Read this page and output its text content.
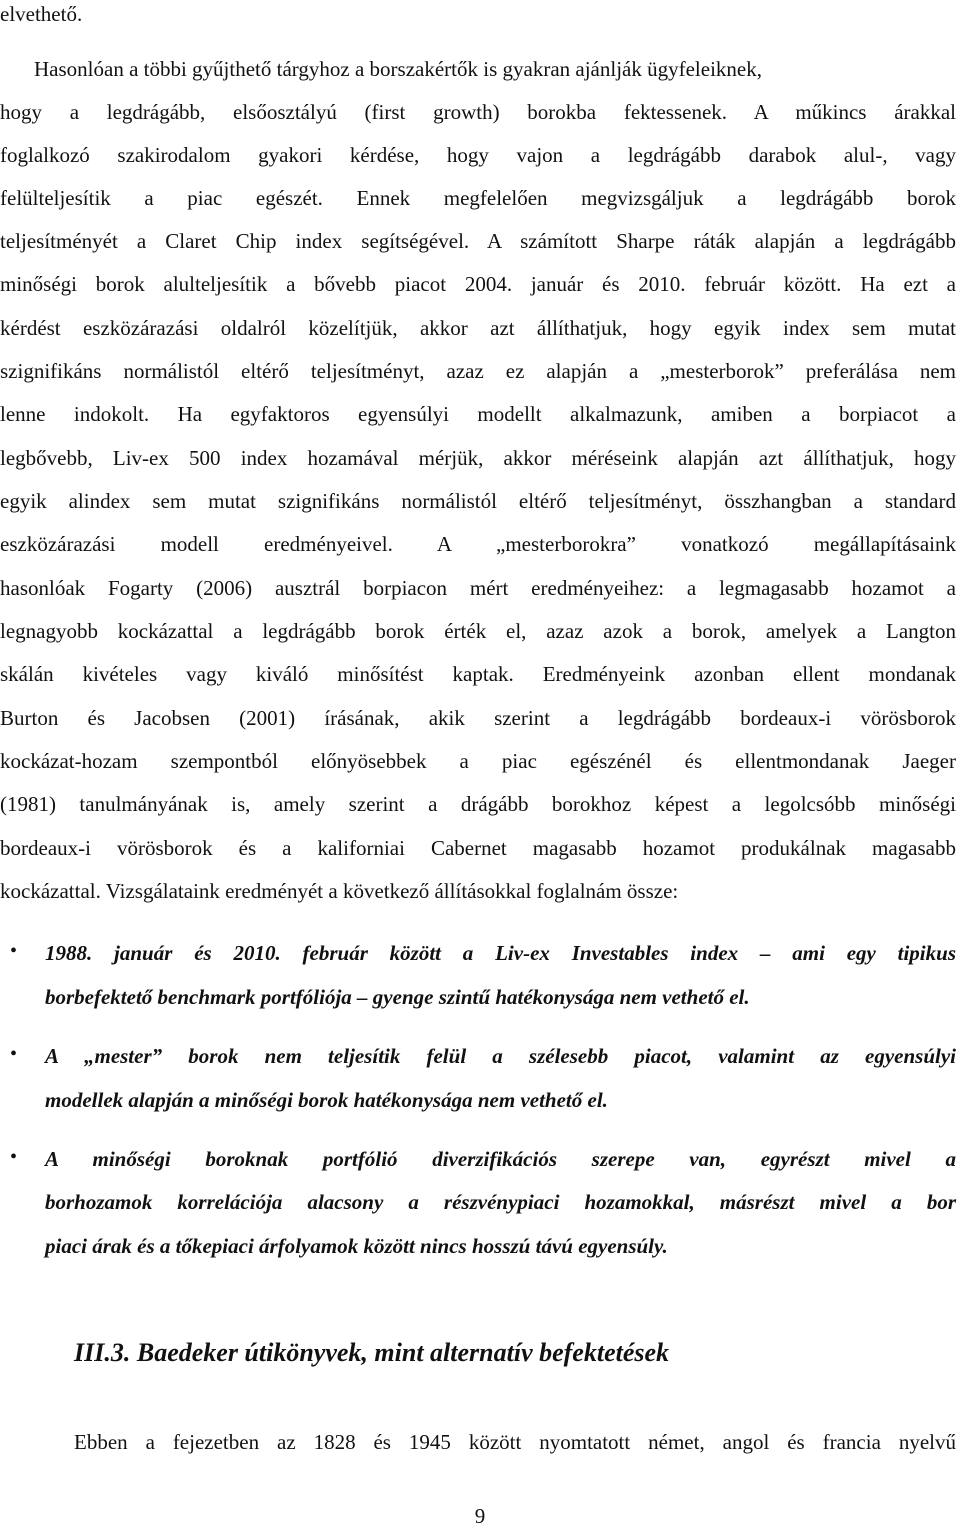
elvethető.
Hasonlóan a többi gyűjthető tárgyhoz a borszakértők is gyakran ajánlják ügyfeleiknek,
hogy a legdrágább, elsőosztályú (first growth) borokba fektessenek. A műkincs árakkal
foglalkozó szakirodalom gyakori kérdése, hogy vajon a legdrágább darabok alul-, vagy
felülteljesítik a piac egészét. Ennek megfelelően megvizsgáljuk a legdrágább borok
teljesítményét a Claret Chip index segítségével. A számított Sharpe ráták alapján a legdrágább
minőségi borok alulteljesítik a bővebb piacot 2004. január és 2010. február között. Ha ezt a
kérdést eszközárazási oldalról közelítjük, akkor azt állíthatjuk, hogy egyik index sem mutat
szignifikáns normálistól eltérő teljesítményt, azaz ez alapján a „mesterborok” preferálása nem
lenne indokolt. Ha egyfaktoros egyensúlyi modellt alkalmazunk, amiben a borpiacot a
legbővebb, Liv-ex 500 index hozamával mérjük, akkor méréseink alapján azt állíthatjuk, hogy
egyik alindex sem mutat szignifikáns normálistól eltérő teljesítményt, összhangban a standard
eszközárazási modell eredményeivel. A „mesterborokra” vonatkozó megállapításaink
hasonlóak Fogarty (2006) ausztrál borpiacon mért eredményeihez: a legmagasabb hozamot a
legnagyobb kockázattal a legdrágább borok érték el, azaz azok a borok, amelyek a Langton
skálán kivételes vagy kiváló minősítést kaptak. Eredményeink azonban ellent mondanak
Burton és Jacobsen (2001) írásának, akik szerint a legdrágább bordeaux-i vörösborok
kockázat-hozam szempontból előnyösebbek a piac egészénél és ellentmondanak Jaeger
(1981) tanulmányának is, amely szerint a drágább borokhoz képest a legolcsóbb minőségi
bordeaux-i vörösborok és a kaliforniai Cabernet magasabb hozamot produkálnak magasabb
kockázattal. Vizsgálataink eredményét a következő állításokkal foglalnám össze:
• 1988. január és 2010. február között a Liv-ex Investables index – ami egy tipikus
borbefektető benchmark portfóliója – gyenge szintű hatékonysága nem vethető el.
• A „mester” borok nem teljesítik felül a szélesebb piacot, valamint az egyensúlyi
modellek alapján a minőségi borok hatékonysága nem vethető el.
• A minőségi boroknak portfólió diverzifikációs szerepe van, egyrészt mivel a
borhozamok korrelációja alacsony a részvénypiaci hozamokkal, másrészt mivel a bor
piaci árak és a tőkepiaci árfolyamok között nincs hosszú távú egyensúly.
III.3. Baedeker útikönyvek, mint alternatív befektetések
Ebben a fejezetben az 1828 és 1945 között nyomtatott német, angol és francia nyelvű
9
